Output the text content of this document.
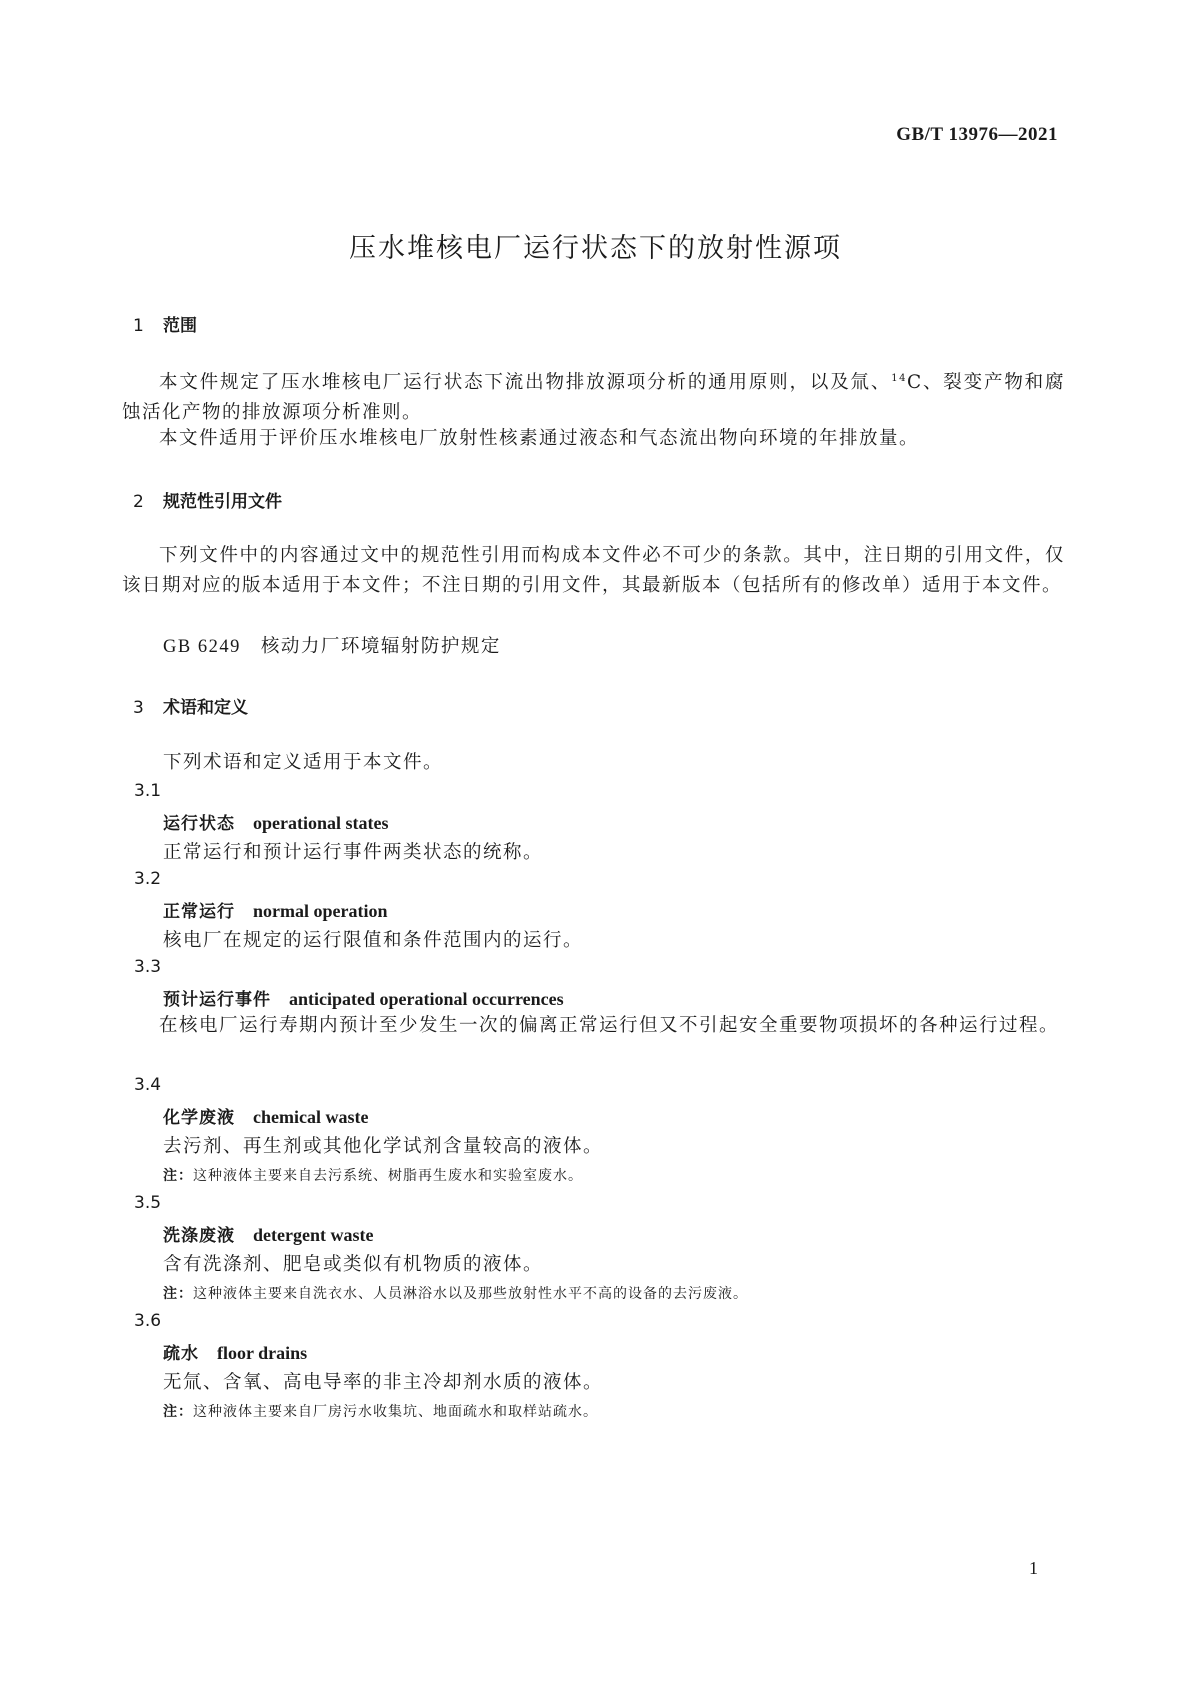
GB/T 13976—2021
压水堆核电厂运行状态下的放射性源项
1 范围
本文件规定了压水堆核电厂运行状态下流出物排放源项分析的通用原则，以及氚、$^{14}$C、裂变产物和腐蚀活化产物的排放源项分析准则。
本文件适用于评价压水堆核电厂放射性核素通过液态和气态流出物向环境的年排放量。
2 规范性引用文件
下列文件中的内容通过文中的规范性引用而构成本文件必不可少的条款。其中，注日期的引用文件，仅该日期对应的版本适用于本文件；不注日期的引用文件，其最新版本（包括所有的修改单）适用于本文件。
GB 6249 核动力厂环境辐射防护规定
3 术语和定义
下列术语和定义适用于本文件。
3.1
运行状态 operational states
正常运行和预计运行事件两类状态的统称。
3.2
正常运行 normal operation
核电厂在规定的运行限值和条件范围内的运行。
3.3
预计运行事件 anticipated operational occurrences
在核电厂运行寿期内预计至少发生一次的偏离正常运行但又不引起安全重要物项损坏的各种运行过程。
3.4
化学废液 chemical waste
去污剂、再生剂或其他化学试剂含量较高的液体。
注：这种液体主要来自去污系统、树脂再生废水和实验室废水。
3.5
洗涤废液 detergent waste
含有洗涤剂、肥皂或类似有机物质的液体。
注：这种液体主要来自洗衣水、人员淋浴水以及那些放射性水平不高的设备的去污废液。
3.6
疏水 floor drains
无氚、含氧、高电导率的非主冷却剂水质的液体。
注：这种液体主要来自厂房污水收集坑、地面疏水和取样站疏水。
1
